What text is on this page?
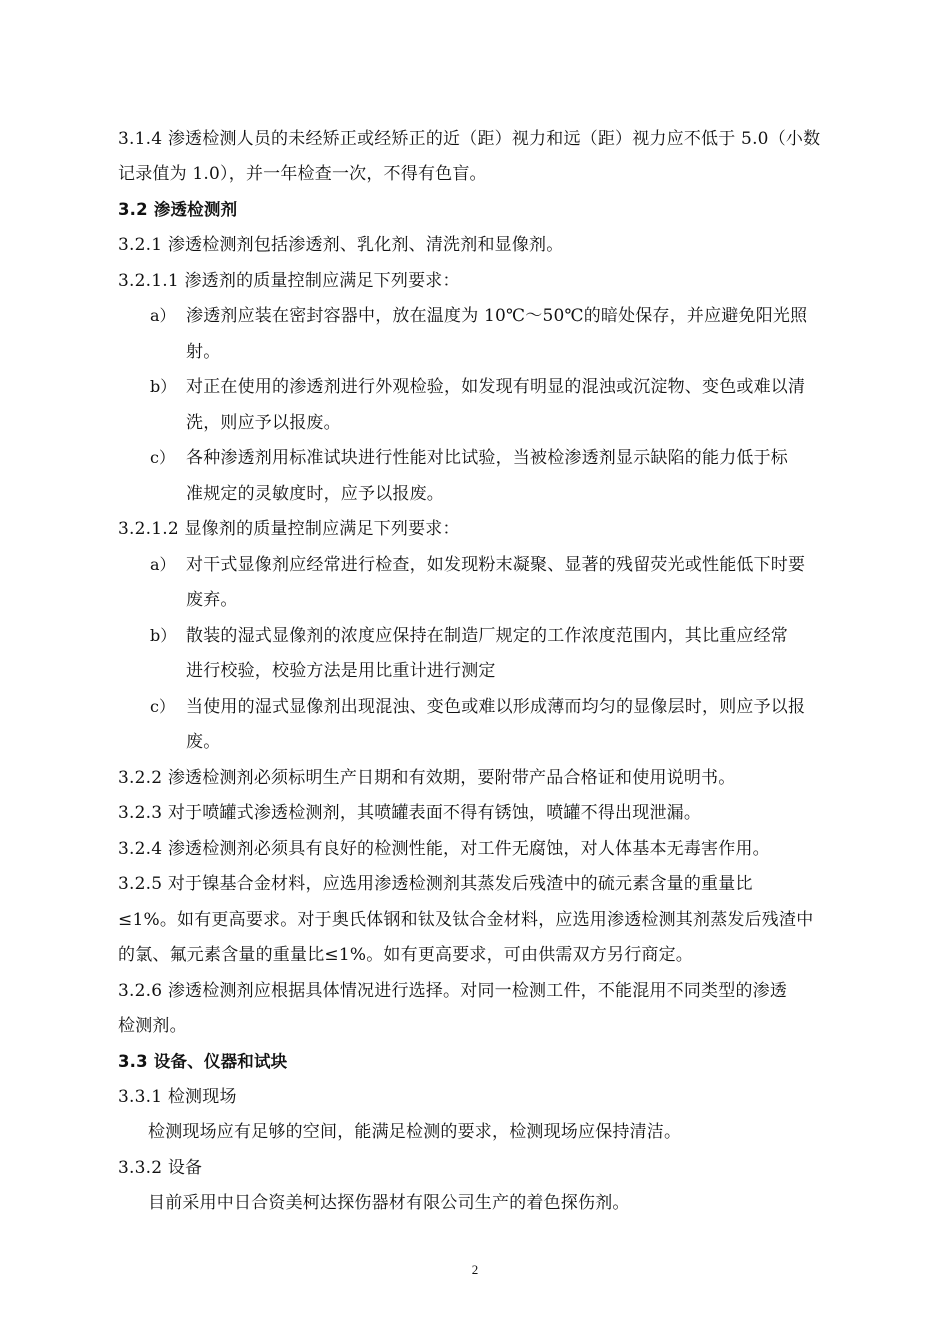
3.1.4 渗透检测人员的未经矫正或经矫正的近（距）视力和远（距）视力应不低于 5.0（小数
记录值为 1.0），并一年检查一次，不得有色盲。
3.2 渗透检测剂
3.2.1 渗透检测剂包括渗透剂、乳化剂、清洗剂和显像剂。
3.2.1.1 渗透剂的质量控制应满足下列要求：
a） 渗透剂应装在密封容器中，放在温度为 10℃～50℃的暗处保存，并应避免阳光照
射。
b） 对正在使用的渗透剂进行外观检验，如发现有明显的混浊或沉淀物、变色或难以清
洗，则应予以报废。
c） 各种渗透剂用标准试块进行性能对比试验，当被检渗透剂显示缺陷的能力低于标
准规定的灵敏度时，应予以报废。
3.2.1.2 显像剂的质量控制应满足下列要求：
a） 对干式显像剂应经常进行检查，如发现粉末凝聚、显著的残留荧光或性能低下时要
废弃。
b） 散装的湿式显像剂的浓度应保持在制造厂规定的工作浓度范围内，其比重应经常
进行校验，校验方法是用比重计进行测定
c） 当使用的湿式显像剂出现混浊、变色或难以形成薄而均匀的显像层时，则应予以报
废。
3.2.2 渗透检测剂必须标明生产日期和有效期，要附带产品合格证和使用说明书。
3.2.3 对于喷罐式渗透检测剂，其喷罐表面不得有锈蚀，喷罐不得出现泄漏。
3.2.4 渗透检测剂必须具有良好的检测性能，对工件无腐蚀，对人体基本无毒害作用。
3.2.5 对于镍基合金材料，应选用渗透检测剂其蒸发后残渣中的硫元素含量的重量比
≤1%。如有更高要求。对于奥氏体钢和钛及钛合金材料，应选用渗透检测其剂蒸发后残渣中
的氯、氟元素含量的重量比≤1%。如有更高要求，可由供需双方另行商定。
3.2.6 渗透检测剂应根据具体情况进行选择。对同一检测工件，不能混用不同类型的渗透
检测剂。
3.3 设备、仪器和试块
3.3.1 检测现场
检测现场应有足够的空间，能满足检测的要求，检测现场应保持清洁。
3.3.2 设备
目前采用中日合资美柯达探伤器材有限公司生产的着色探伤剂。
2
